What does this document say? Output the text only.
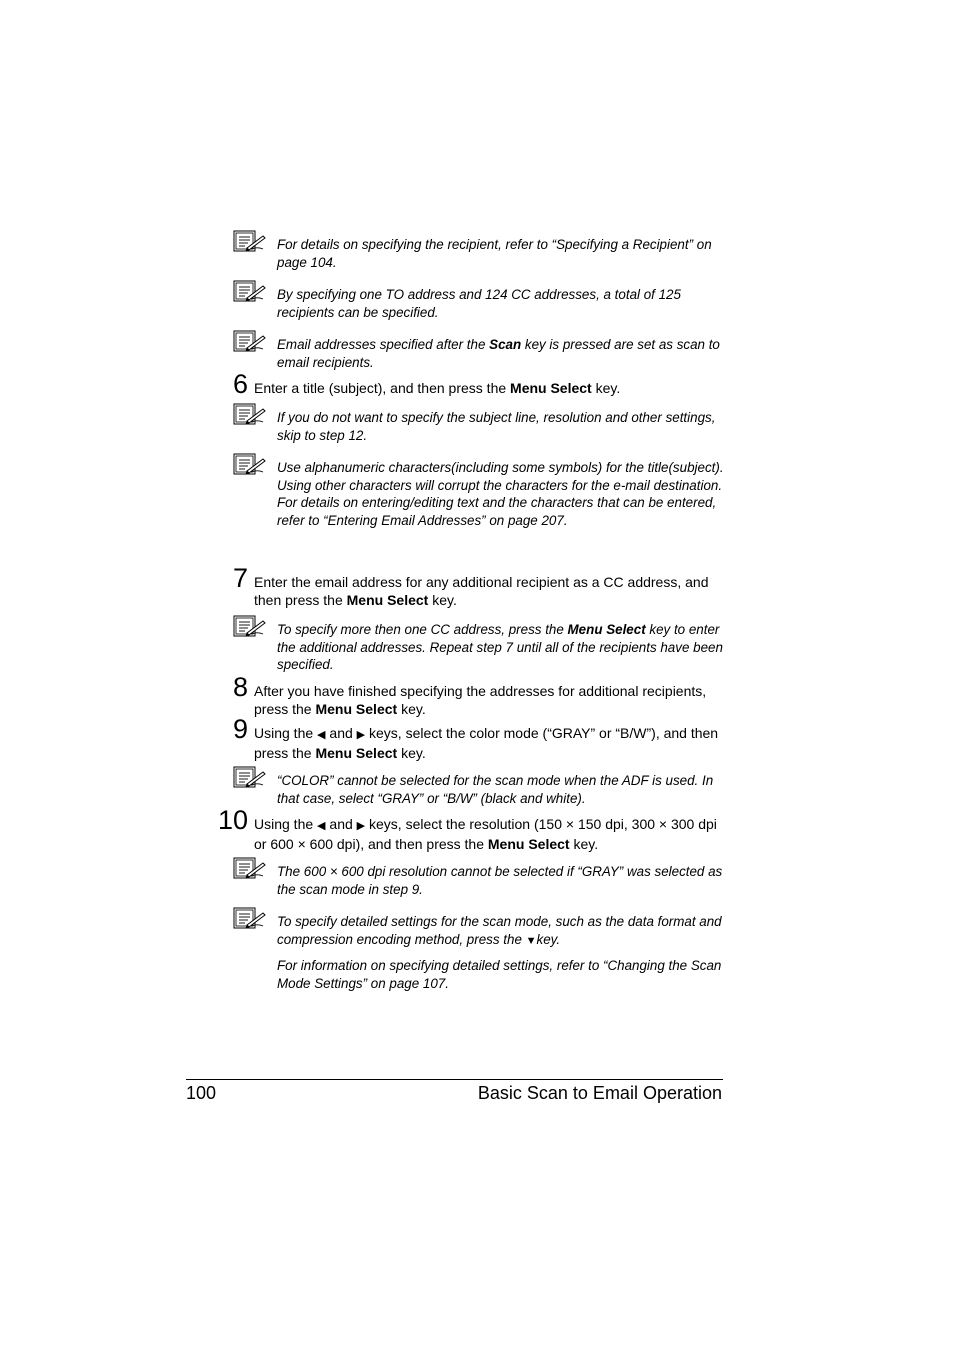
For details on specifying the recipient, refer to “Specifying a Recipient” on page 104.

By specifying one TO address and 124 CC addresses, a total of 125 recipients can be specified.

Email addresses specified after the Scan key is pressed are set as scan to email recipients.

6 Enter a title (subject), and then press the Menu Select key.

If you do not want to specify the subject line, resolution and other settings, skip to step 12.

Use alphanumeric characters(including some symbols) for the title(subject).

Using other characters will corrupt the characters for the e-mail destination.

For details on entering/editing text and the characters that can be entered, refer to “Entering Email Addresses” on page 207.

7 Enter the email address for any additional recipient as a CC address, and then press the Menu Select key.

To specify more then one CC address, press the Menu Select key to enter the additional addresses. Repeat step 7 until all of the recipients have been specified.

8 After you have finished specifying the addresses for additional recipients, press the Menu Select key.
9 Using the ◀ and ▶ keys, select the color mode (“GRAY” or “B/W”), and then press the Menu Select key.

“COLOR” cannot be selected for the scan mode when the ADF is used. In that case, select “GRAY” or “B/W” (black and white).

10 Using the ◀ and ▶ keys, select the resolution (150 × 150 dpi, 300 × 300 dpi or 600 × 600 dpi), and then press the Menu Select key.

The 600 × 600 dpi resolution cannot be selected if “GRAY” was selected as the scan mode in step 9.

To specify detailed settings for the scan mode, such as the data format and compression encoding method, press the ▼key.

For information on specifying detailed settings, refer to “Changing the Scan Mode Settings” on page 107.

100	Basic Scan to Email Operation
